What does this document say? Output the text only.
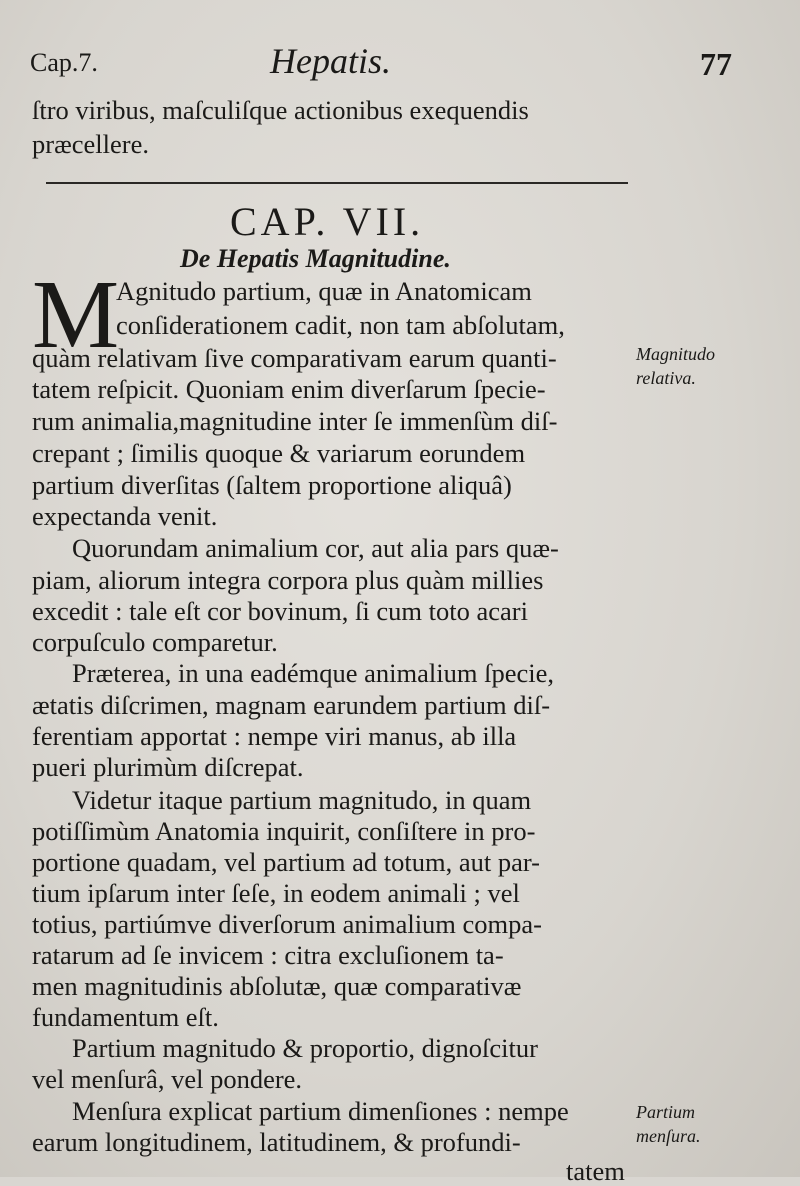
Cap.7.	Hepatis.	77
ſtro viribus, maſculiſque actionibus exequendis
præcellere.
CAP. VII.
De Hepatis Magnitudine.
M
Agnitudo partium, quæ in Anatomicam
conſiderationem cadit, non tam abſolutam,
quàm relativam ſive comparativam earum quanti-
tatem reſpicit. Quoniam enim diverſarum ſpecie-
rum animalia,magnitudine inter ſe immenſùm diſ-
crepant ; ſimilis quoque & variarum eorundem
partium diverſitas (ſaltem proportione aliquâ)
expectanda venit.
Quorundam animalium cor, aut alia pars quæ-
piam, aliorum integra corpora plus quàm millies
excedit : tale eſt cor bovinum, ſi cum toto acari
corpuſculo comparetur.
Præterea, in una eadémque animalium ſpecie,
ætatis diſcrimen, magnam earundem partium diſ-
ferentiam apportat : nempe viri manus, ab illa
pueri plurimùm diſcrepat.
Videtur itaque partium magnitudo, in quam
potiſſimùm Anatomia inquirit, conſiſtere in pro-
portione quadam, vel partium ad totum, aut par-
tium ipſarum inter ſeſe, in eodem animali ; vel
totius, partiúmve diverſorum animalium compa-
ratarum ad ſe invicem : citra excluſionem ta-
men magnitudinis abſolutæ, quæ comparativæ
fundamentum eſt.
Partium magnitudo & proportio, dignoſcitur
vel menſurâ, vel pondere.
Menſura explicat partium dimenſiones : nempe
earum longitudinem, latitudinem, & profundi-
tatem
Magnitudo
relativa.
Partium
menſura.
